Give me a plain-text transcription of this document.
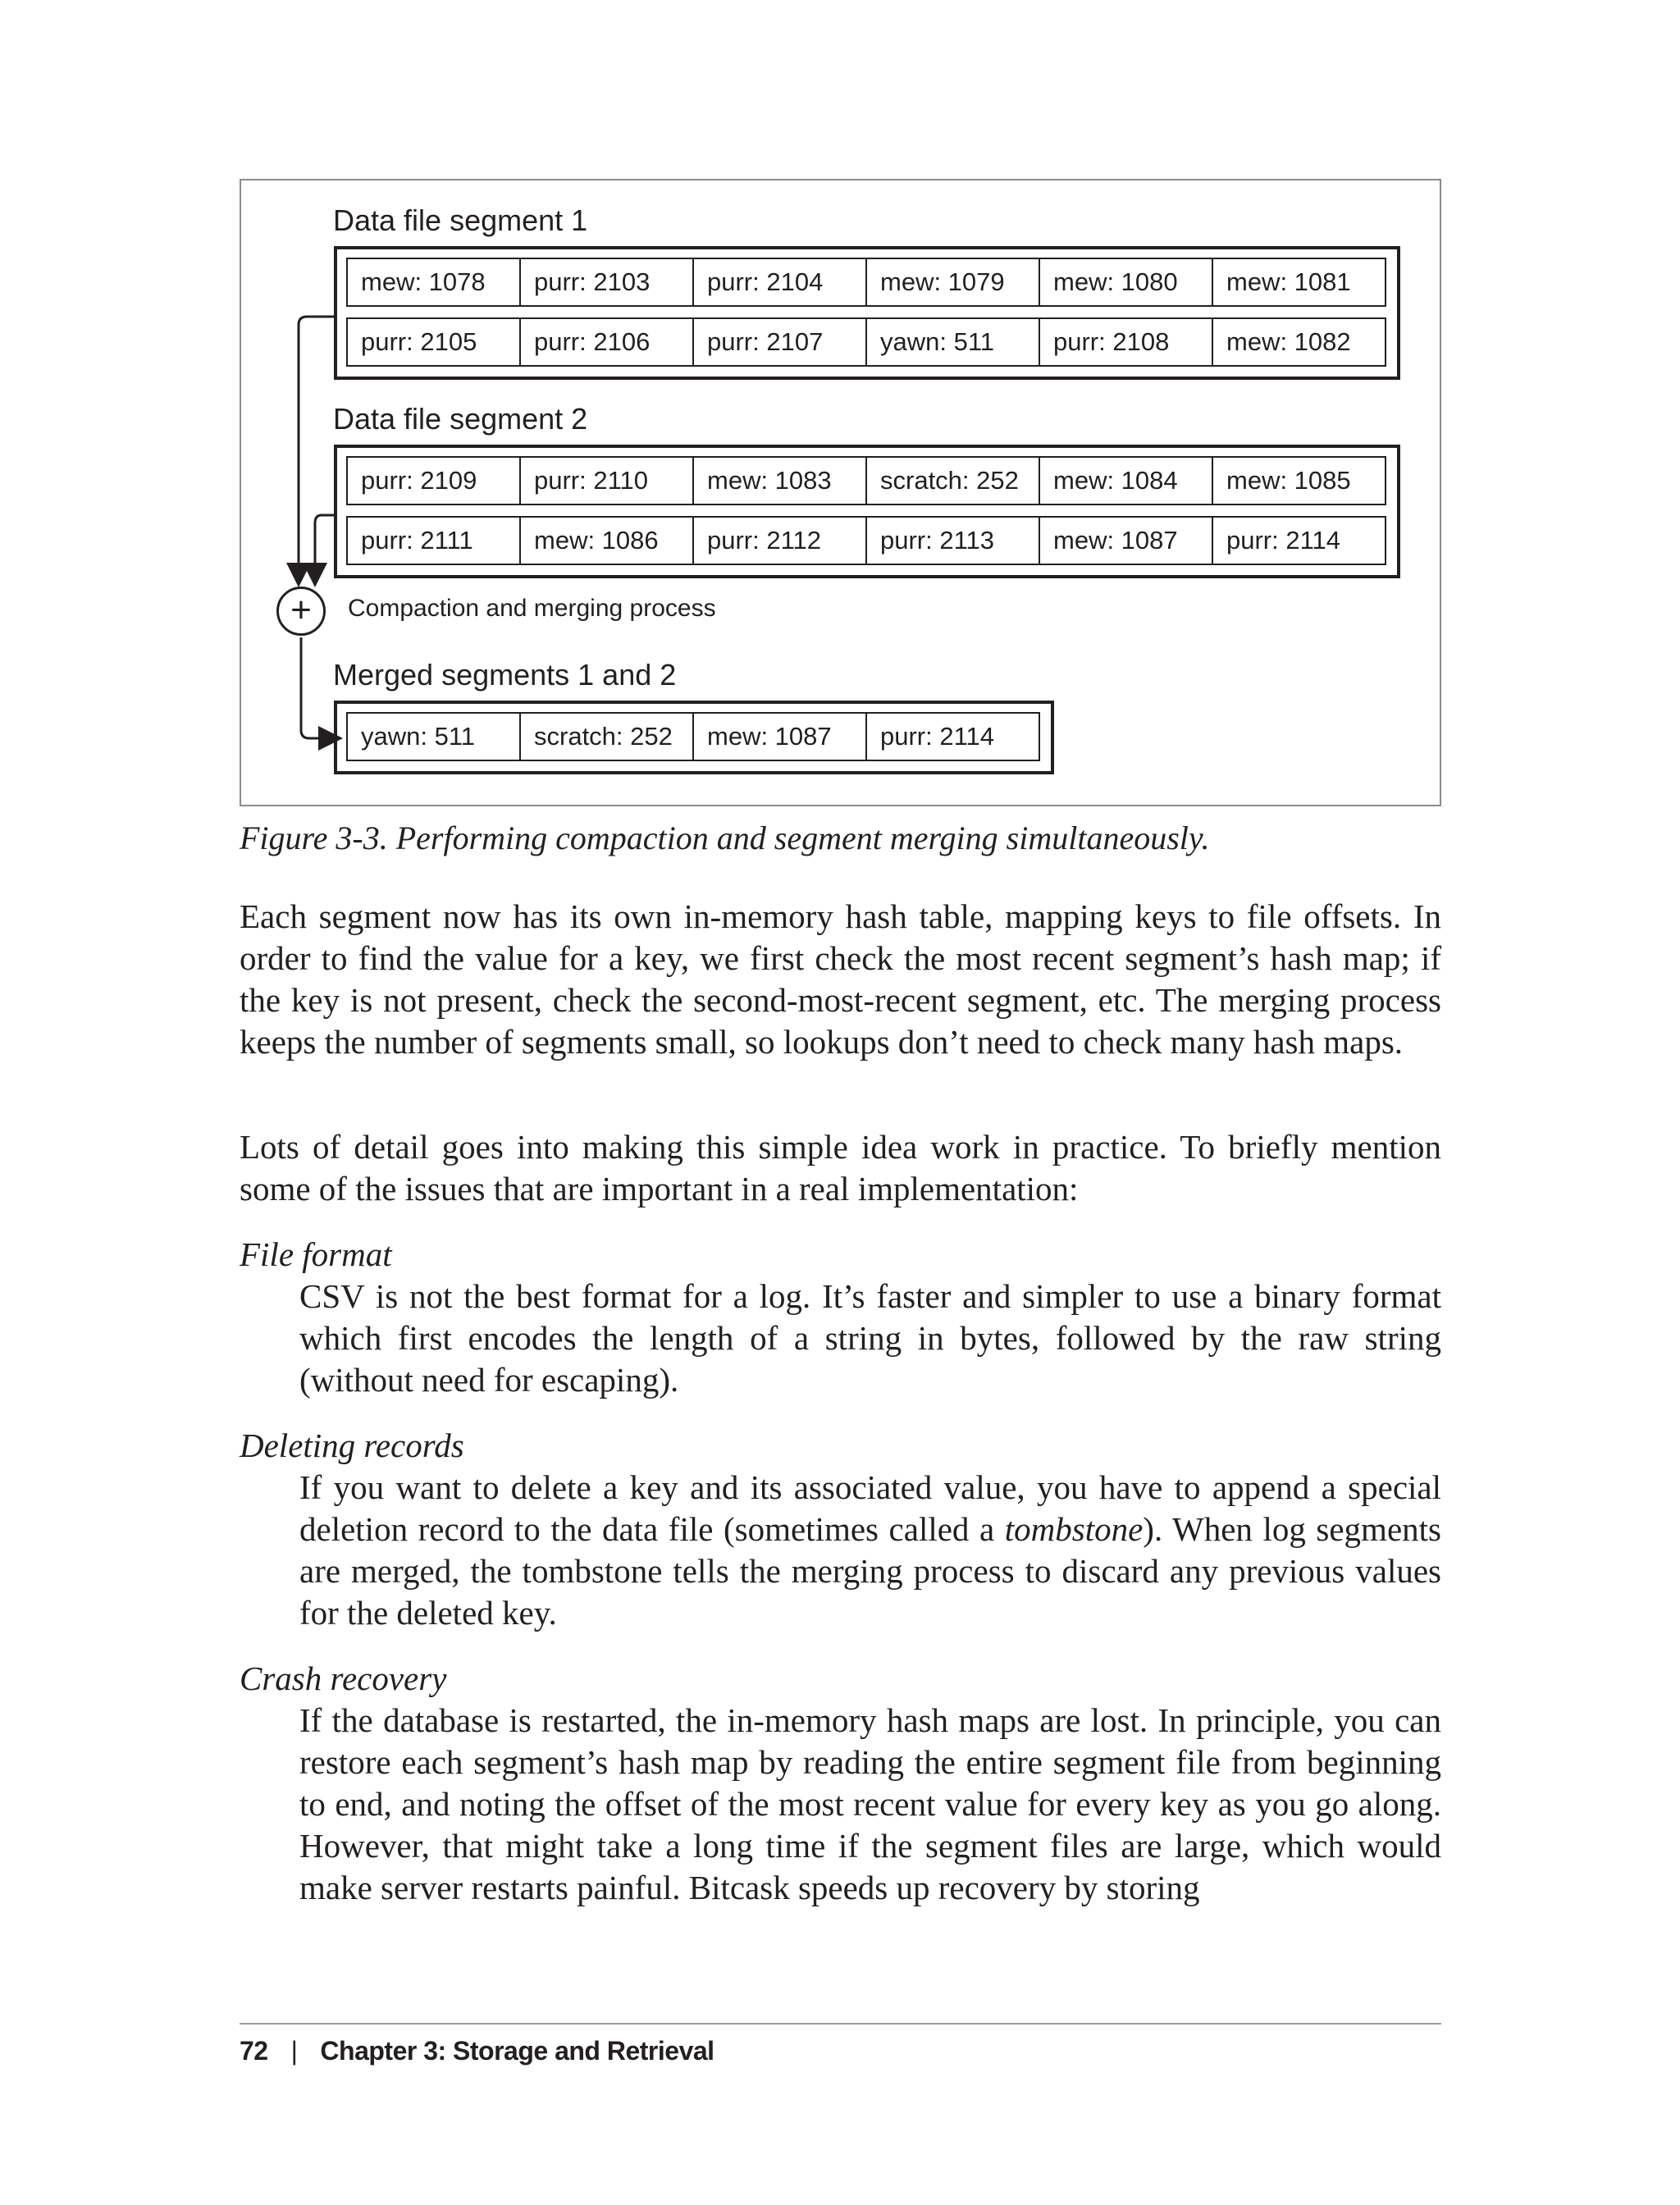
Data file segment 1
mew: 1078	purr: 2103	purr: 2104	mew: 1079	mew: 1080	mew: 1081
purr: 2105	purr: 2106	purr: 2107	yawn: 511	purr: 2108	mew: 1082
Data file segment 2
purr: 2109	purr: 2110	mew: 1083	scratch: 252	mew: 1084	mew: 1085
purr: 2111	mew: 1086	purr: 2112	purr: 2113	mew: 1087	purr: 2114
+	Compaction and merging process
Merged segments 1 and 2
yawn: 511	scratch: 252	mew: 1087	purr: 2114
Figure 3-3. Performing compaction and segment merging simultaneously.

Each segment now has its own in-memory hash table, mapping keys to file offsets. In order to find the value for a key, we first check the most recent segment’s hash map; if the key is not present, check the second-most-recent segment, etc. The merging process keeps the number of segments small, so lookups don’t need to check many hash maps.

Lots of detail goes into making this simple idea work in practice. To briefly mention some of the issues that are important in a real implementation:

File format

CSV is not the best format for a log. It’s faster and simpler to use a binary format which first encodes the length of a string in bytes, followed by the raw string (without need for escaping).

Deleting records

If you want to delete a key and its associated value, you have to append a special deletion record to the data file (sometimes called a tombstone). When log segments are merged, the tombstone tells the merging process to discard any previous values for the deleted key.

Crash recovery

If the database is restarted, the in-memory hash maps are lost. In principle, you can restore each segment’s hash map by reading the entire segment file from beginning to end, and noting the offset of the most recent value for every key as you go along. However, that might take a long time if the segment files are large, which would make server restarts painful. Bitcask speeds up recovery by storing

72 | Chapter 3: Storage and Retrieval
